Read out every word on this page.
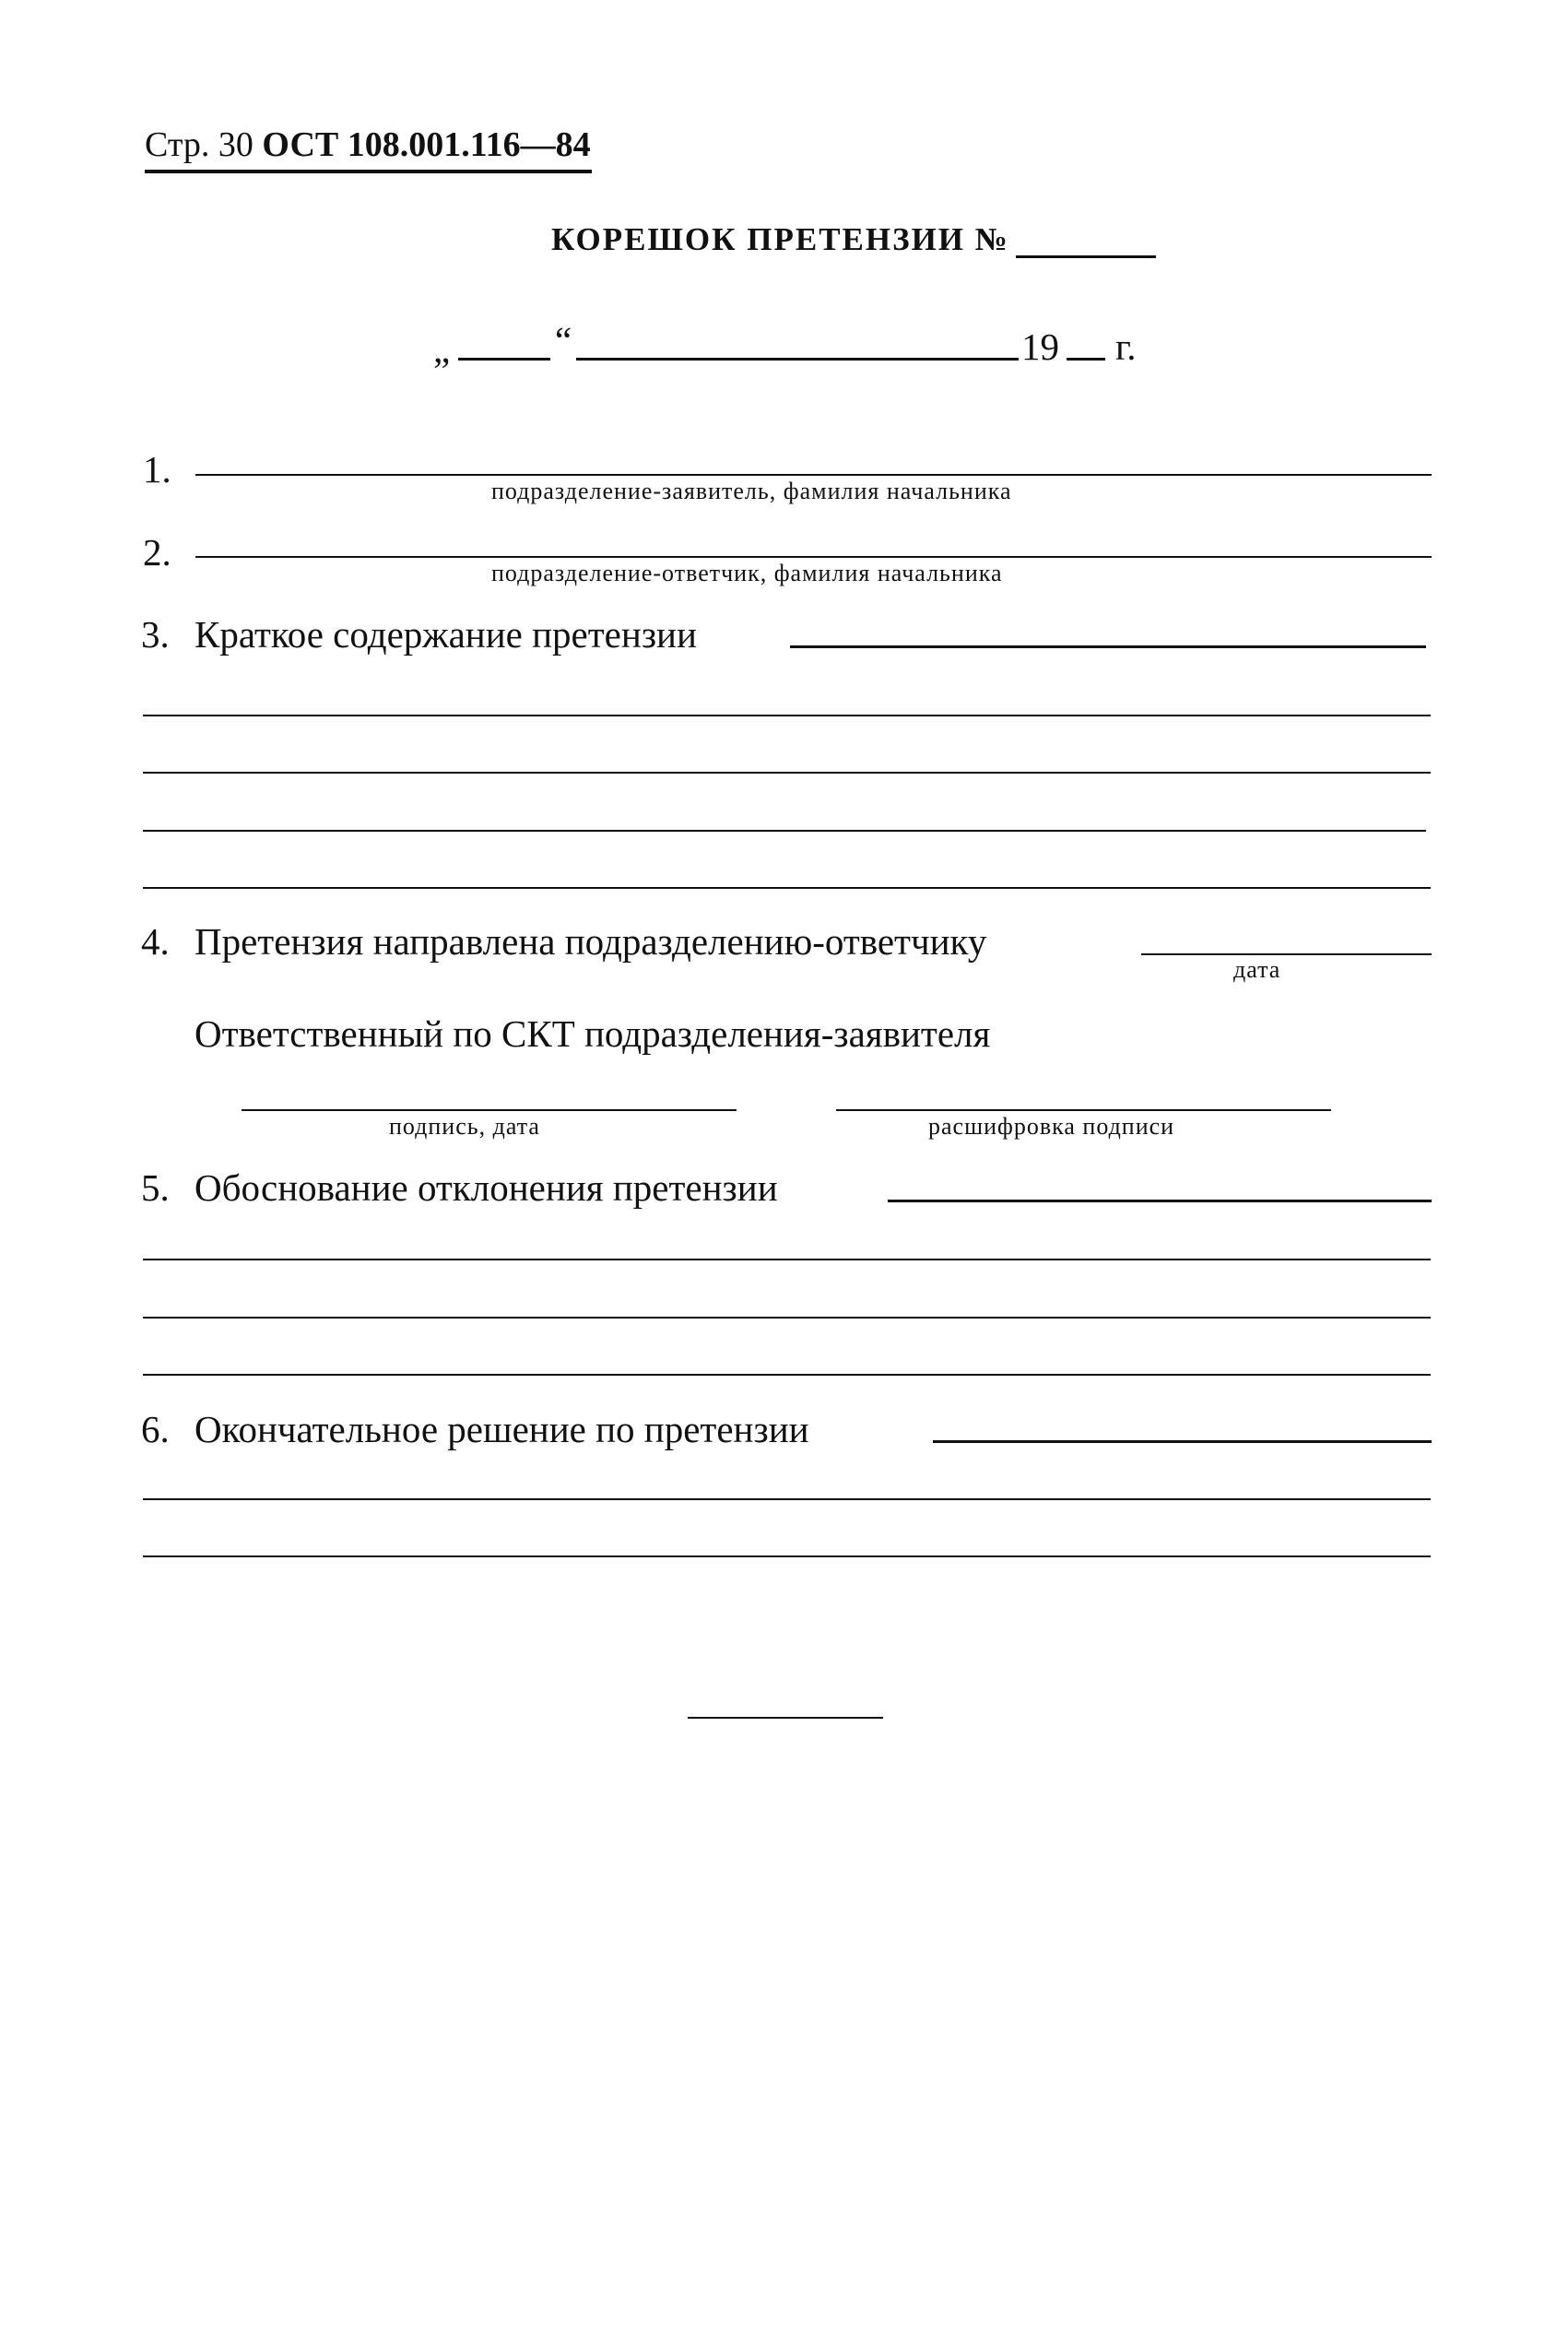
Стр. 30 ОСТ 108.001.116—84
КОРЕШОК ПРЕТЕНЗИИ №
„	“	19 г.
1.
подразделение-заявитель, фамилия начальника
2.	подразделение-ответчик, фамилия начальника
3. Краткое содержание претензии
4. Претензия направлена подразделению-ответчику
дата
Ответственный по СКТ подразделения-заявителя
подпись, дата	расшифровка подписи
5. Обоснование отклонения претензии
6. Окончательное решение по претензии
